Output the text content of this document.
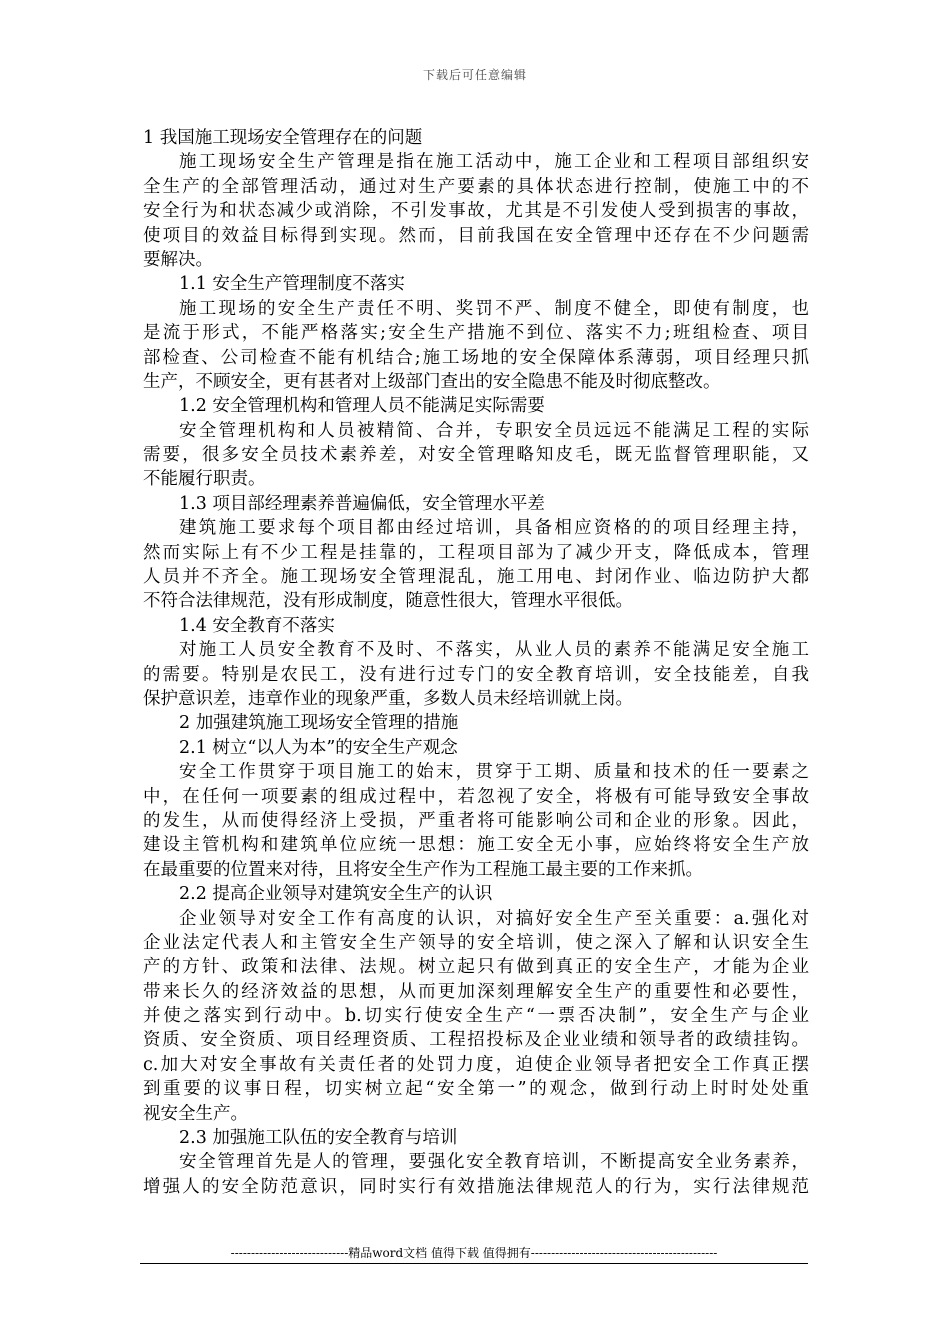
下载后可任意编辑
1 我国施工现场安全管理存在的问题
施工现场安全生产管理是指在施工活动中，施工企业和工程项目部组织安
全生产的全部管理活动，通过对生产要素的具体状态进行控制，使施工中的不
安全行为和状态减少或消除，不引发事故，尤其是不引发使人受到损害的事故，
使项目的效益目标得到实现。然而，目前我国在安全管理中还存在不少问题需
要解决。
1.1 安全生产管理制度不落实
施工现场的安全生产责任不明、奖罚不严、制度不健全，即使有制度，也
是流于形式，不能严格落实;安全生产措施不到位、落实不力;班组检查、项目
部检查、公司检查不能有机结合;施工场地的安全保障体系薄弱，项目经理只抓
生产，不顾安全，更有甚者对上级部门查出的安全隐患不能及时彻底整改。
1.2 安全管理机构和管理人员不能满足实际需要
安全管理机构和人员被精简、合并，专职安全员远远不能满足工程的实际
需要，很多安全员技术素养差，对安全管理略知皮毛，既无监督管理职能，又
不能履行职责。
1.3 项目部经理素养普遍偏低，安全管理水平差
建筑施工要求每个项目都由经过培训，具备相应资格的的项目经理主持，
然而实际上有不少工程是挂靠的，工程项目部为了减少开支，降低成本，管理
人员并不齐全。施工现场安全管理混乱，施工用电、封闭作业、临边防护大都
不符合法律规范，没有形成制度，随意性很大，管理水平很低。
1.4 安全教育不落实
对施工人员安全教育不及时、不落实，从业人员的素养不能满足安全施工
的需要。特别是农民工，没有进行过专门的安全教育培训，安全技能差，自我
保护意识差，违章作业的现象严重，多数人员未经培训就上岗。
2 加强建筑施工现场安全管理的措施
2.1 树立“以人为本”的安全生产观念
安全工作贯穿于项目施工的始末，贯穿于工期、质量和技术的任一要素之
中，在任何一项要素的组成过程中，若忽视了安全，将极有可能导致安全事故
的发生，从而使得经济上受损，严重者将可能影响公司和企业的形象。因此，
建设主管机构和建筑单位应统一思想：施工安全无小事，应始终将安全生产放
在最重要的位置来对待，且将安全生产作为工程施工最主要的工作来抓。
2.2 提高企业领导对建筑安全生产的认识
企业领导对安全工作有高度的认识，对搞好安全生产至关重要：a.强化对
企业法定代表人和主管安全生产领导的安全培训，使之深入了解和认识安全生
产的方针、政策和法律、法规。树立起只有做到真正的安全生产，才能为企业
带来长久的经济效益的思想，从而更加深刻理解安全生产的重要性和必要性，
并使之落实到行动中。b.切实行使安全生产“一票否决制”，安全生产与企业
资质、安全资质、项目经理资质、工程招投标及企业业绩和领导者的政绩挂钩。
c.加大对安全事故有关责任者的处罚力度，迫使企业领导者把安全工作真正摆
到重要的议事日程，切实树立起“安全第一”的观念，做到行动上时时处处重
视安全生产。
2.3 加强施工队伍的安全教育与培训
安全管理首先是人的管理，要强化安全教育培训，不断提高安全业务素养，
增强人的安全防范意识，同时实行有效措施法律规范人的行为，实行法律规范
-----------------------------精品word文档 值得下载 值得拥有----------------------------------------------
